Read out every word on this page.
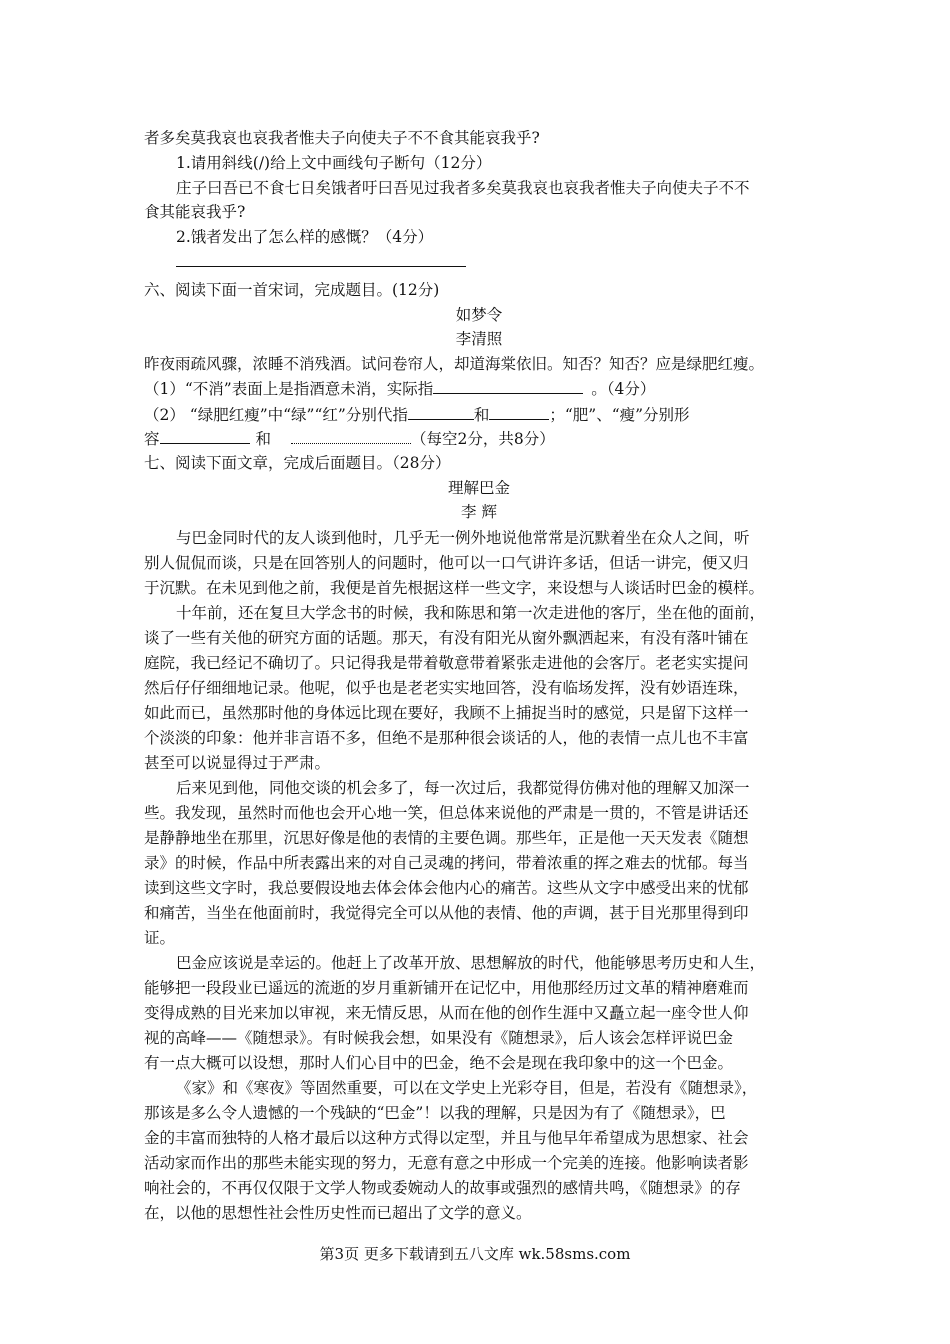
者多矣莫我哀也哀我者惟夫子向使夫子不不食其能哀我乎?
1.请用斜线(/)给上文中画线句子断句（12分）
庄子曰吾已不食七日矣饿者吁曰吾见过我者多矣莫我哀也哀我者惟夫子向使夫子不不
食其能哀我乎?
2.饿者发出了怎么样的感慨？（4分）
六、阅读下面一首宋词，完成题目。(12分)
如梦令
李清照
昨夜雨疏风骤，浓睡不消残酒。试问卷帘人，却道海棠依旧。知否？知否？应是绿肥红瘦。
（1）“不消”表面上是指酒意未消，实际指	。（4分）
（2） “绿肥红瘦”中“绿”“红”分别代指	和	；“肥”、“瘦”分别形
容	和	（每空2分，共8分）
七、阅读下面文章，完成后面题目。（28分）
理解巴金
李 辉
与巴金同时代的友人谈到他时，几乎无一例外地说他常常是沉默着坐在众人之间，听
别人侃侃而谈，只是在回答别人的问题时，他可以一口气讲许多话，但话一讲完，便又归
于沉默。在未见到他之前，我便是首先根据这样一些文字，来设想与人谈话时巴金的模样。
十年前，还在复旦大学念书的时候，我和陈思和第一次走进他的客厅，坐在他的面前，
谈了一些有关他的研究方面的话题。那天，有没有阳光从窗外飘洒起来，有没有落叶铺在
庭院，我已经记不确切了。只记得我是带着敬意带着紧张走进他的会客厅。老老实实提问
然后仔仔细细地记录。他呢，似乎也是老老实实地回答，没有临场发挥，没有妙语连珠，
如此而已，虽然那时他的身体远比现在要好，我顾不上捕捉当时的感觉，只是留下这样一
个淡淡的印象：他并非言语不多，但绝不是那种很会谈话的人，他的表情一点儿也不丰富
甚至可以说显得过于严肃。
后来见到他，同他交谈的机会多了，每一次过后，我都觉得仿佛对他的理解又加深一
些。我发现，虽然时而他也会开心地一笑，但总体来说他的严肃是一贯的，不管是讲话还
是静静地坐在那里，沉思好像是他的表情的主要色调。那些年，正是他一天天发表《随想
录》的时候，作品中所表露出来的对自己灵魂的拷问，带着浓重的挥之难去的忧郁。每当
读到这些文字时，我总要假设地去体会体会他内心的痛苦。这些从文字中感受出来的忧郁
和痛苦，当坐在他面前时，我觉得完全可以从他的表情、他的声调，甚于目光那里得到印
证。
巴金应该说是幸运的。他赶上了改革开放、思想解放的时代，他能够思考历史和人生，
能够把一段段业已遥远的流逝的岁月重新铺开在记忆中，用他那经历过文革的精神磨难而
变得成熟的目光来加以审视，来无情反思，从而在他的创作生涯中又矗立起一座令世人仰
视的高峰——《随想录》。有时候我会想，如果没有《随想录》，后人该会怎样评说巴金
有一点大概可以设想，那时人们心目中的巴金，绝不会是现在我印象中的这一个巴金。
《家》和《寒夜》等固然重要，可以在文学史上光彩夺目，但是，若没有《随想录》，
那该是多么令人遗憾的一个残缺的“巴金”！以我的理解，只是因为有了《随想录》，巴
金的丰富而独特的人格才最后以这种方式得以定型，并且与他早年希望成为思想家、社会
活动家而作出的那些未能实现的努力，无意有意之中形成一个完美的连接。他影响读者影
响社会的，不再仅仅限于文学人物或委婉动人的故事或强烈的感情共鸣，《随想录》的存
在，以他的思想性社会性历史性而已超出了文学的意义。
第3页 更多下载请到五八文库 wk.58sms.com
